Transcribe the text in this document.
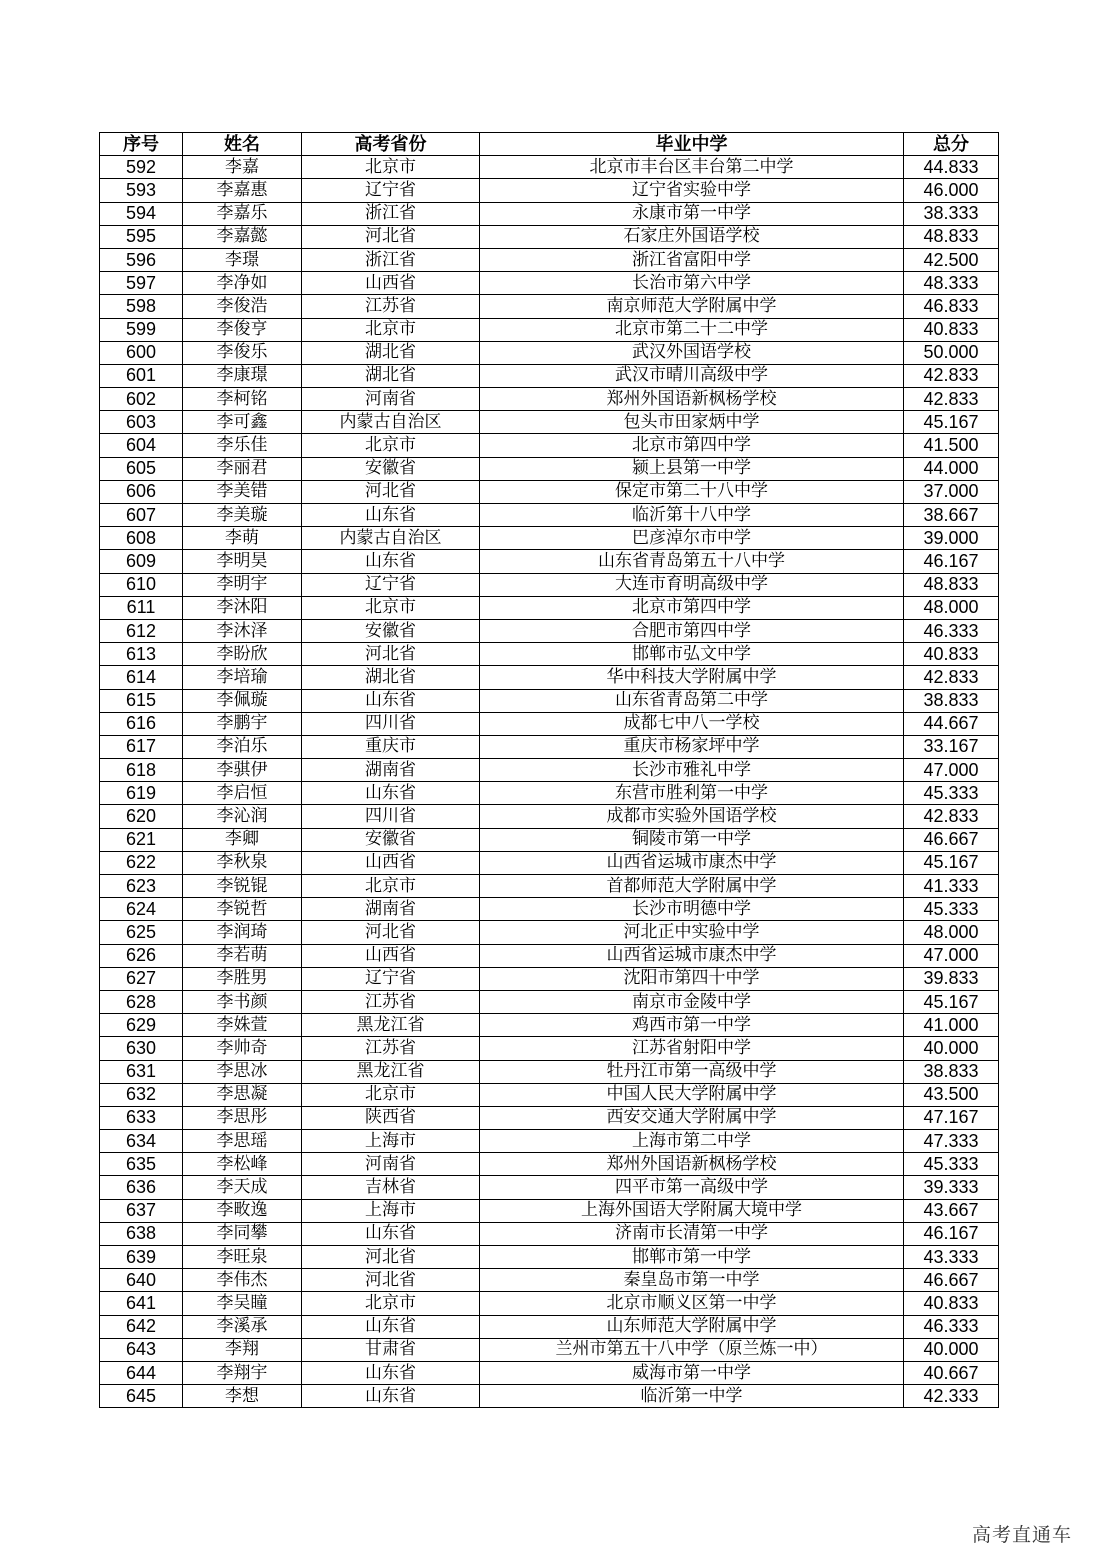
序号	姓名	高考省份	毕业中学	总分
592	李嘉	北京市	北京市丰台区丰台第二中学	44.833
593	李嘉惠	辽宁省	辽宁省实验中学	46.000
594	李嘉乐	浙江省	永康市第一中学	38.333
595	李嘉懿	河北省	石家庄外国语学校	48.833
596	李璟	浙江省	浙江省富阳中学	42.500
597	李净如	山西省	长治市第六中学	48.333
598	李俊浩	江苏省	南京师范大学附属中学	46.833
599	李俊亨	北京市	北京市第二十二中学	40.833
600	李俊乐	湖北省	武汉外国语学校	50.000
601	李康璟	湖北省	武汉市晴川高级中学	42.833
602	李柯铭	河南省	郑州外国语新枫杨学校	42.833
603	李可鑫	内蒙古自治区	包头市田家炳中学	45.167
604	李乐佳	北京市	北京市第四中学	41.500
605	李丽君	安徽省	颍上县第一中学	44.000
606	李美错	河北省	保定市第二十八中学	37.000
607	李美璇	山东省	临沂第十八中学	38.667
608	李萌	内蒙古自治区	巴彦淖尔市中学	39.000
609	李明昊	山东省	山东省青岛第五十八中学	46.167
610	李明宇	辽宁省	大连市育明高级中学	48.833
611	李沐阳	北京市	北京市第四中学	48.000
612	李沐泽	安徽省	合肥市第四中学	46.333
613	李盼欣	河北省	邯郸市弘文中学	40.833
614	李培瑜	湖北省	华中科技大学附属中学	42.833
615	李佩璇	山东省	山东省青岛第二中学	38.833
616	李鹏宇	四川省	成都七中八一学校	44.667
617	李泊乐	重庆市	重庆市杨家坪中学	33.167
618	李骐伊	湖南省	长沙市雅礼中学	47.000
619	李启恒	山东省	东营市胜利第一中学	45.333
620	李沁润	四川省	成都市实验外国语学校	42.833
621	李卿	安徽省	铜陵市第一中学	46.667
622	李秋泉	山西省	山西省运城市康杰中学	45.167
623	李锐锟	北京市	首都师范大学附属中学	41.333
624	李锐哲	湖南省	长沙市明德中学	45.333
625	李润琦	河北省	河北正中实验中学	48.000
626	李若萌	山西省	山西省运城市康杰中学	47.000
627	李胜男	辽宁省	沈阳市第四十中学	39.833
628	李书颜	江苏省	南京市金陵中学	45.167
629	李姝萱	黑龙江省	鸡西市第一中学	41.000
630	李帅奇	江苏省	江苏省射阳中学	40.000
631	李思冰	黑龙江省	牡丹江市第一高级中学	38.833
632	李思凝	北京市	中国人民大学附属中学	43.500
633	李思彤	陕西省	西安交通大学附属中学	47.167
634	李思瑶	上海市	上海市第二中学	47.333
635	李松峰	河南省	郑州外国语新枫杨学校	45.333
636	李天成	吉林省	四平市第一高级中学	39.333
637	李畋逸	上海市	上海外国语大学附属大境中学	43.667
638	李同攀	山东省	济南市长清第一中学	46.167
639	李旺泉	河北省	邯郸市第一中学	43.333
640	李伟杰	河北省	秦皇岛市第一中学	46.667
641	李吴瞳	北京市	北京市顺义区第一中学	40.833
642	李溪承	山东省	山东师范大学附属中学	46.333
643	李翔	甘肃省	兰州市第五十八中学（原兰炼一中）	40.000
644	李翔宇	山东省	威海市第一中学	40.667
645	李想	山东省	临沂第一中学	42.333
高考直通车
